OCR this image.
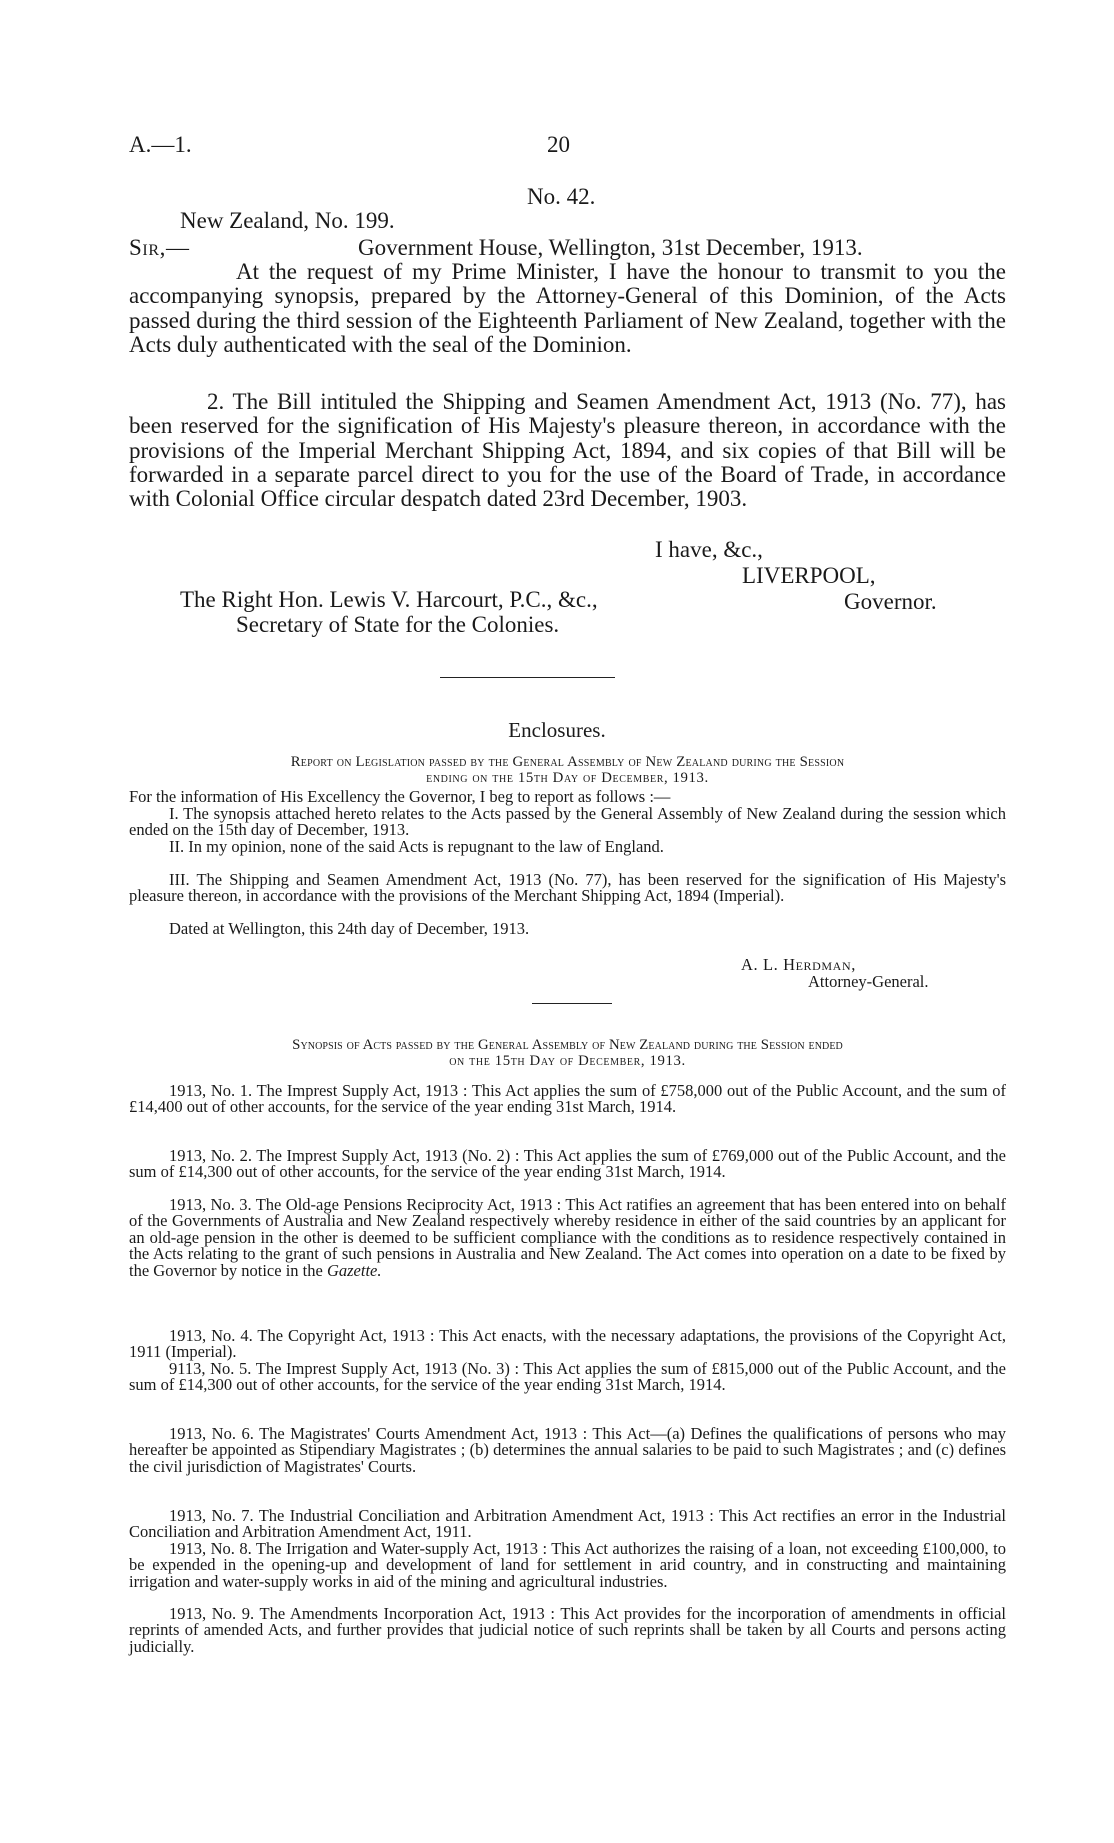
A.—1.	20
No. 42.
New Zealand, No. 199.
Sir,—	Government House, Wellington, 31st December, 1913.
At the request of my Prime Minister, I have the honour to transmit to you the accompanying synopsis, prepared by the Attorney-General of this Dominion, of the Acts passed during the third session of the Eighteenth Parliament of New Zealand, together with the Acts duly authenticated with the seal of the Dominion.
2. The Bill intituled the Shipping and Seamen Amendment Act, 1913 (No. 77), has been reserved for the signification of His Majesty's pleasure thereon, in accordance with the provisions of the Imperial Merchant Shipping Act, 1894, and six copies of that Bill will be forwarded in a separate parcel direct to you for the use of the Board of Trade, in accordance with Colonial Office circular despatch dated 23rd December, 1903.
I have, &c.,
LIVERPOOL,
The Right Hon. Lewis V. Harcourt, P.C., &c.,	Governor.
Secretary of State for the Colonies.
Enclosures.
Report on Legislation passed by the General Assembly of New Zealand during the Session
ending on the 15th Day of December, 1913.
For the information of His Excellency the Governor, I beg to report as follows :—
I. The synopsis attached hereto relates to the Acts passed by the General Assembly of New Zealand during the session which ended on the 15th day of December, 1913.
II. In my opinion, none of the said Acts is repugnant to the law of England.
III. The Shipping and Seamen Amendment Act, 1913 (No. 77), has been reserved for the signification of His Majesty's pleasure thereon, in accordance with the provisions of the Merchant Shipping Act, 1894 (Imperial).
Dated at Wellington, this 24th day of December, 1913.
A. L. Herdman,
Attorney-General.
Synopsis of Acts passed by the General Assembly of New Zealand during the Session ended
on the 15th Day of December, 1913.
1913, No. 1. The Imprest Supply Act, 1913 : This Act applies the sum of £758,000 out of the Public Account, and the sum of £14,400 out of other accounts, for the service of the year ending 31st March, 1914.
1913, No. 2. The Imprest Supply Act, 1913 (No. 2) : This Act applies the sum of £769,000 out of the Public Account, and the sum of £14,300 out of other accounts, for the service of the year ending 31st March, 1914.
1913, No. 3. The Old-age Pensions Reciprocity Act, 1913 : This Act ratifies an agreement that has been entered into on behalf of the Governments of Australia and New Zealand respectively whereby residence in either of the said countries by an applicant for an old-age pension in the other is deemed to be sufficient compliance with the conditions as to residence respectively contained in the Acts relating to the grant of such pensions in Australia and New Zealand. The Act comes into operation on a date to be fixed by the Governor by notice in the Gazette.
1913, No. 4. The Copyright Act, 1913 : This Act enacts, with the necessary adaptations, the provisions of the Copyright Act, 1911 (Imperial).
9113, No. 5. The Imprest Supply Act, 1913 (No. 3) : This Act applies the sum of £815,000 out of the Public Account, and the sum of £14,300 out of other accounts, for the service of the year ending 31st March, 1914.
1913, No. 6. The Magistrates' Courts Amendment Act, 1913 : This Act—(a) Defines the qualifications of persons who may hereafter be appointed as Stipendiary Magistrates ; (b) determines the annual salaries to be paid to such Magistrates ; and (c) defines the civil jurisdiction of Magistrates' Courts.
1913, No. 7. The Industrial Conciliation and Arbitration Amendment Act, 1913 : This Act rectifies an error in the Industrial Conciliation and Arbitration Amendment Act, 1911.
1913, No. 8. The Irrigation and Water-supply Act, 1913 : This Act authorizes the raising of a loan, not exceeding £100,000, to be expended in the opening-up and development of land for settlement in arid country, and in constructing and maintaining irrigation and water-supply works in aid of the mining and agricultural industries.
1913, No. 9. The Amendments Incorporation Act, 1913 : This Act provides for the incorporation of amendments in official reprints of amended Acts, and further provides that judicial notice of such reprints shall be taken by all Courts and persons acting judicially.
